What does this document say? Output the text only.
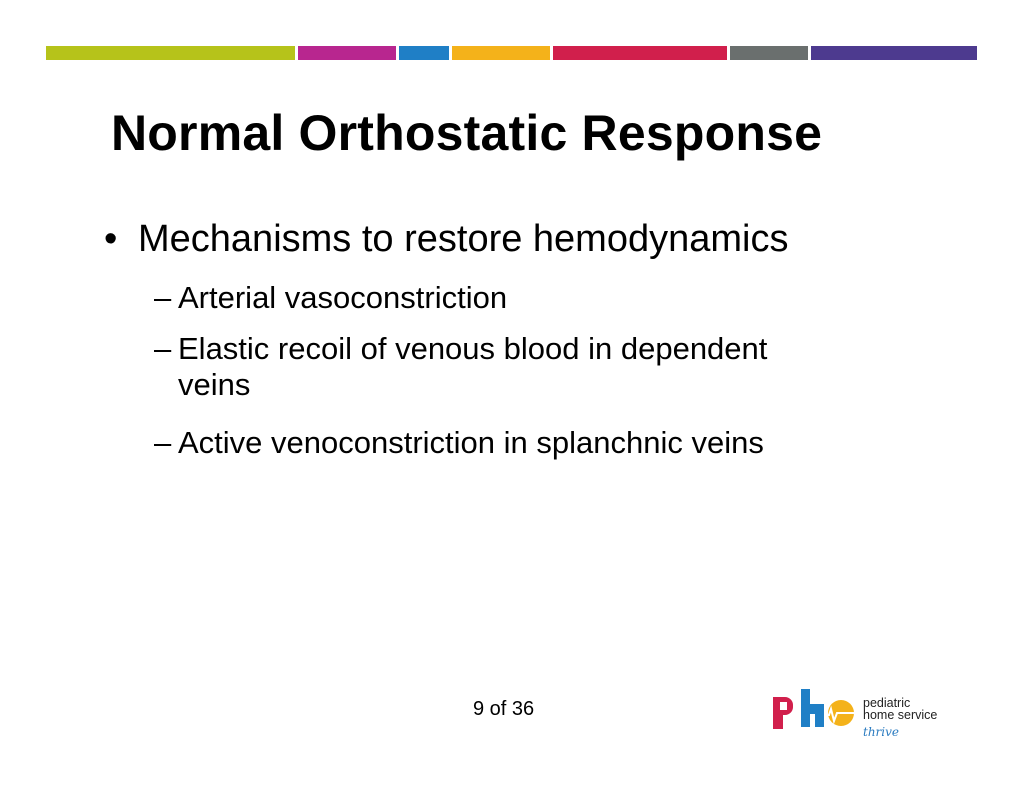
Normal Orthostatic Response
• Mechanisms to restore hemodynamics
– Arterial vasoconstriction
– Elastic recoil of venous blood in dependent
veins
– Active venoconstriction in splanchnic veins
9 of 36	pediatric
home service
thrive
